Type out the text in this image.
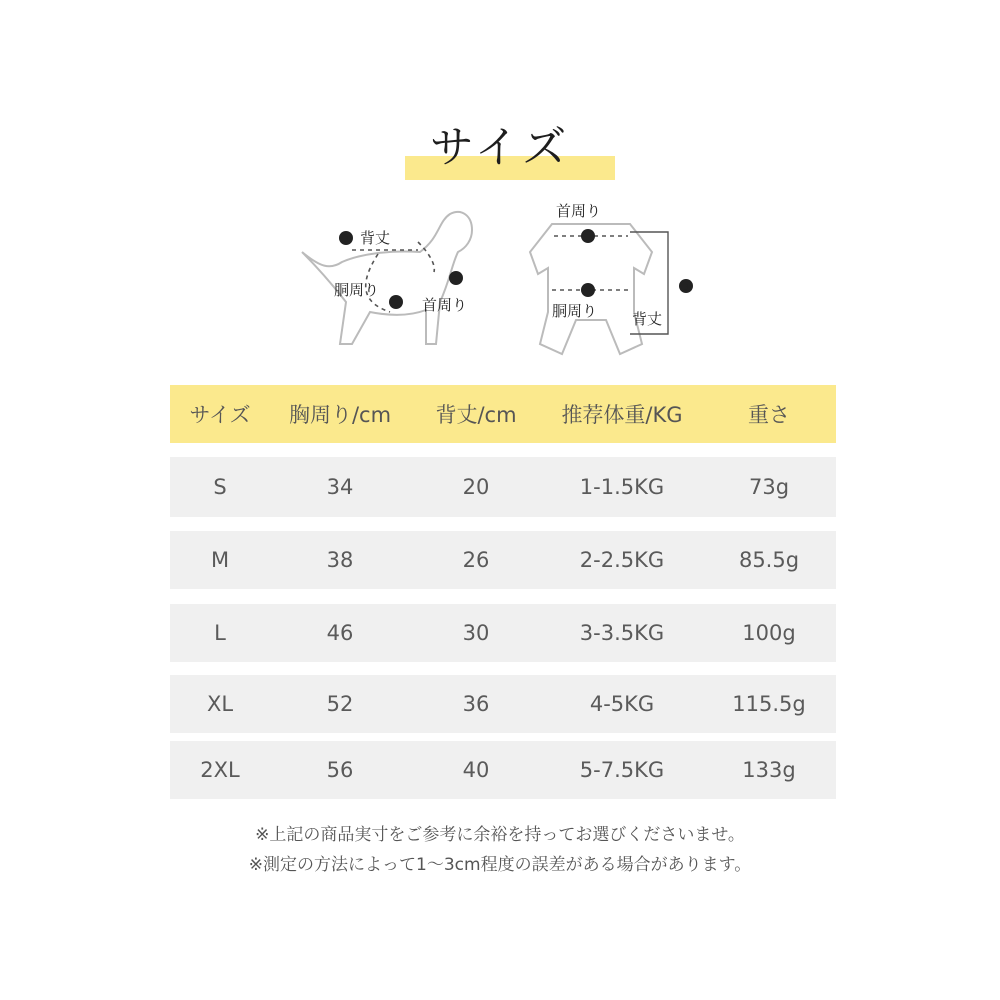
サイズ
3 背丈
胴周り
2
1
首周り
首周り
1
2
胴周り
3
背丈
サイズ	胸周り/cm	背丈/cm	推荐体重/KG	重さ
S	34	20	1-1.5KG	73g
M	38	26	2-2.5KG	85.5g
L	46	30	3-3.5KG	100g
XL	52	36	4-5KG	115.5g
2XL	56	40	5-7.5KG	133g
※上記の商品実寸をご参考に余裕を持ってお選びくださいませ。
※測定の方法によって1～3cm程度の誤差がある場合があります。
